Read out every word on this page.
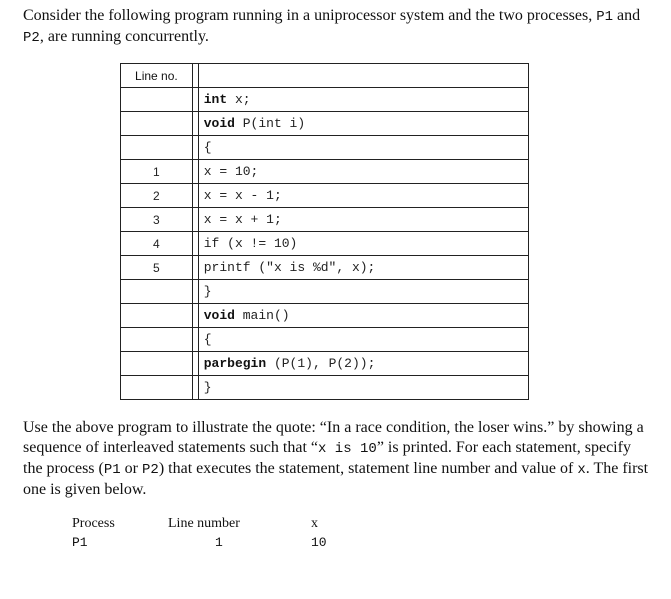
Consider the following program running in a uniprocessor system and the two processes, P1 and P2, are running concurrently.
Line no.		

		int x;

		void P(int i)

		{

1		x = 10;

2		x = x - 1;

3		x = x + 1;

4		if (x != 10)

5		printf ("x is %d", x);

		}

		void main()

		{

		parbegin (P(1), P(2));

		}
Use the above program to illustrate the quote: “In a race condition, the loser wins.” by showing a sequence of interleaved statements such that “x is 10” is printed. For each statement, specify the process (P1 or P2) that executes the statement, statement line number and value of x. The first one is given below.
Process	Line number	x
P1	1	10
